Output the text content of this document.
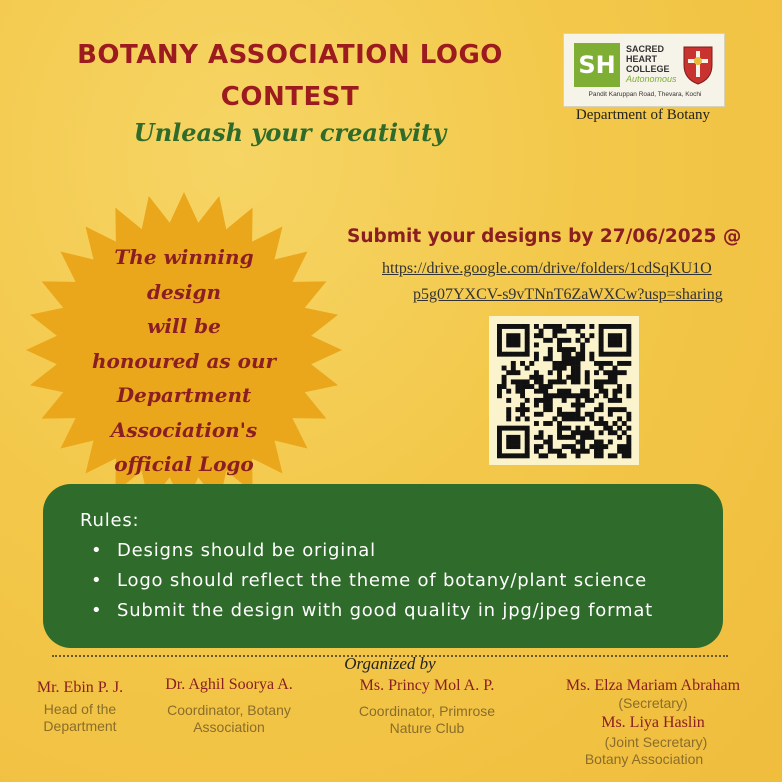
BOTANY ASSOCIATION LOGO
CONTEST
Unleash your creativity
SH
SACRED
HEART
COLLEGE
Autonomous
Pandit Karuppan Road, Thevara, Kochi
Department of Botany
The winning design
will be
honoured as our
Department
Association's
official Logo
Submit your designs by 27/06/2025 @
https://drive.google.com/drive/folders/1cdSqKU1O
p5g07YXCV-s9vTNnT6ZaWXCw?usp=sharing
Rules:
• Designs should be original
• Logo should reflect the theme of botany/plant science
• Submit the design with good quality in jpg/jpeg format
Organized by
Mr. Ebin P. J.
Head of the
Department
Dr. Aghil Soorya A.
Coordinator, Botany
Association
Ms. Princy Mol A. P.
Coordinator, Primrose
Nature Club
Ms. Elza Mariam Abraham
(Secretary)
Ms. Liya Haslin
(Joint Secretary)
Botany Association
